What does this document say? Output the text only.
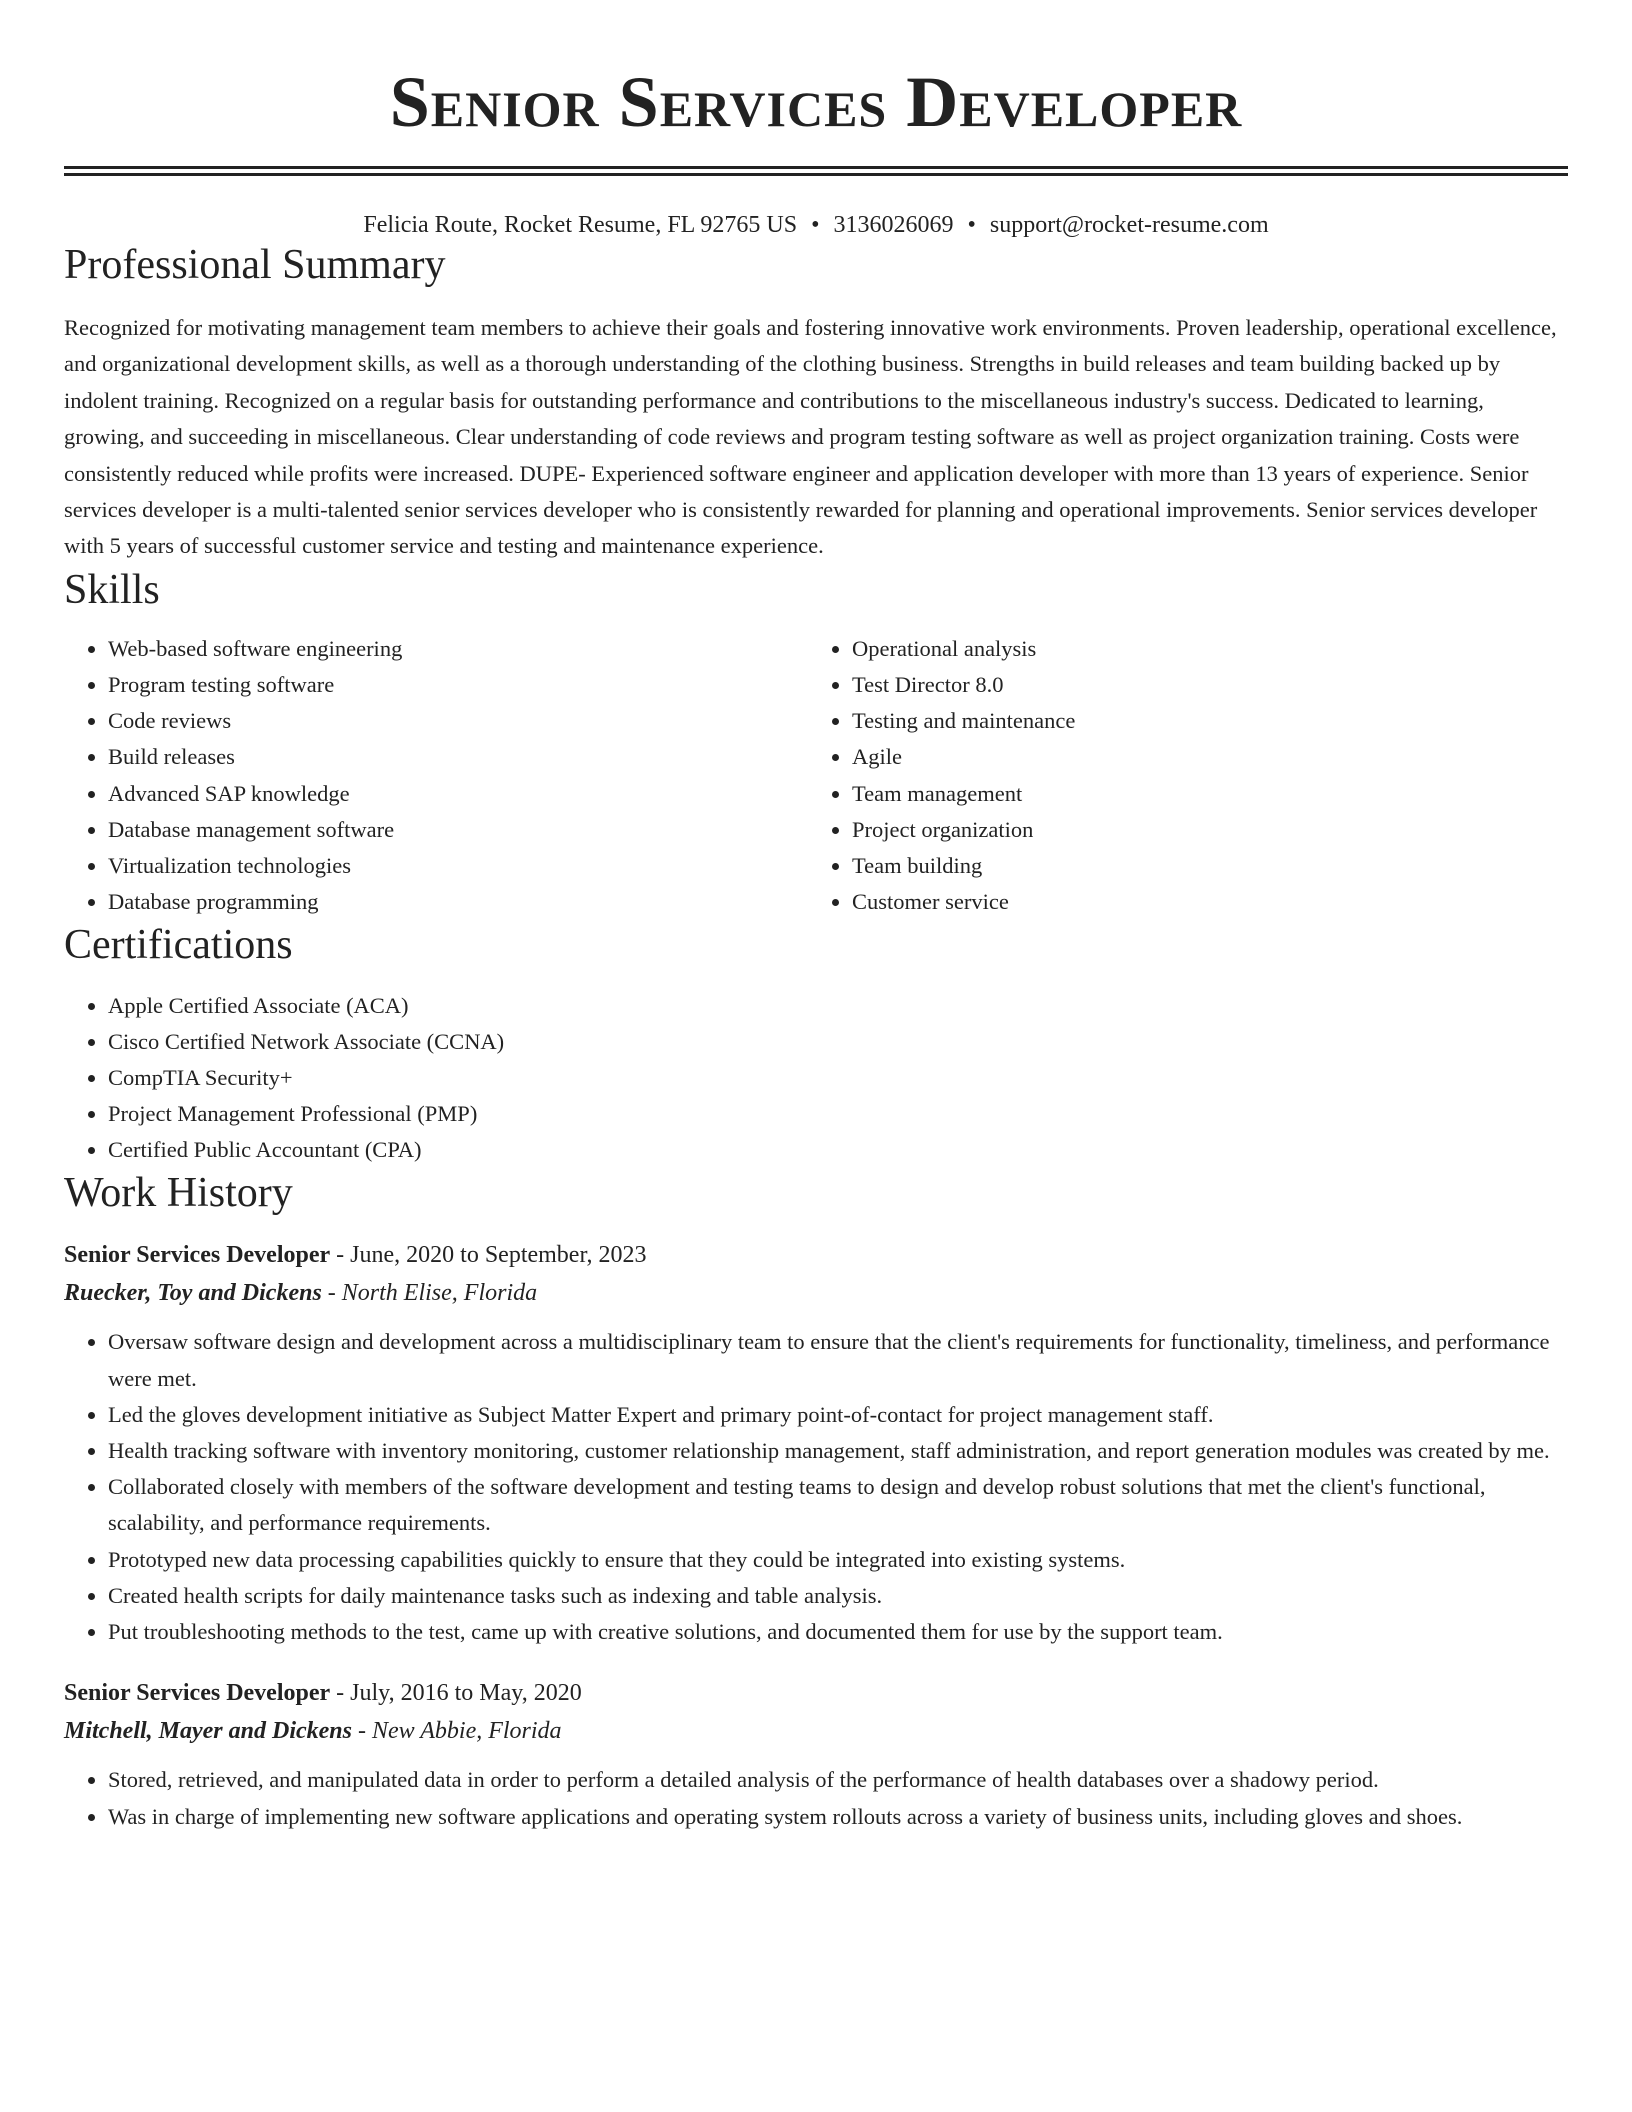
Senior Services Developer
Felicia Route, Rocket Resume, FL 92765 US • 3136026069 • support@rocket-resume.com
Professional Summary

Recognized for motivating management team members to achieve their goals and fostering innovative work environments. Proven leadership, operational excellence, and organizational development skills, as well as a thorough understanding of the clothing business. Strengths in build releases and team building backed up by indolent training. Recognized on a regular basis for outstanding performance and contributions to the miscellaneous industry's success. Dedicated to learning, growing, and succeeding in miscellaneous. Clear understanding of code reviews and program testing software as well as project organization training. Costs were consistently reduced while profits were increased. DUPE- Experienced software engineer and application developer with more than 13 years of experience. Senior services developer is a multi-talented senior services developer who is consistently rewarded for planning and operational improvements. Senior services developer with 5 years of successful customer service and testing and maintenance experience.

Skills
• Web-based software engineering
• Program testing software
• Code reviews
• Build releases
• Advanced SAP knowledge
• Database management software
• Virtualization technologies
• Database programming
• Operational analysis
• Test Director 8.0
• Testing and maintenance
• Agile
• Team management
• Project organization
• Team building
• Customer service
Certifications
• Apple Certified Associate (ACA)
• Cisco Certified Network Associate (CCNA)
• CompTIA Security+
• Project Management Professional (PMP)
• Certified Public Accountant (CPA)
Work History
Senior Services Developer - June, 2020 to September, 2023
Ruecker, Toy and Dickens - North Elise, Florida
• Oversaw software design and development across a multidisciplinary team to ensure that the client's requirements for functionality, timeliness, and performance were met.
• Led the gloves development initiative as Subject Matter Expert and primary point-of-contact for project management staff.
• Health tracking software with inventory monitoring, customer relationship management, staff administration, and report generation modules was created by me.
• Collaborated closely with members of the software development and testing teams to design and develop robust solutions that met the client's functional, scalability, and performance requirements.
• Prototyped new data processing capabilities quickly to ensure that they could be integrated into existing systems.
• Created health scripts for daily maintenance tasks such as indexing and table analysis.
• Put troubleshooting methods to the test, came up with creative solutions, and documented them for use by the support team.
Senior Services Developer - July, 2016 to May, 2020
Mitchell, Mayer and Dickens - New Abbie, Florida
• Stored, retrieved, and manipulated data in order to perform a detailed analysis of the performance of health databases over a shadowy period.
• Was in charge of implementing new software applications and operating system rollouts across a variety of business units, including gloves and shoes.
